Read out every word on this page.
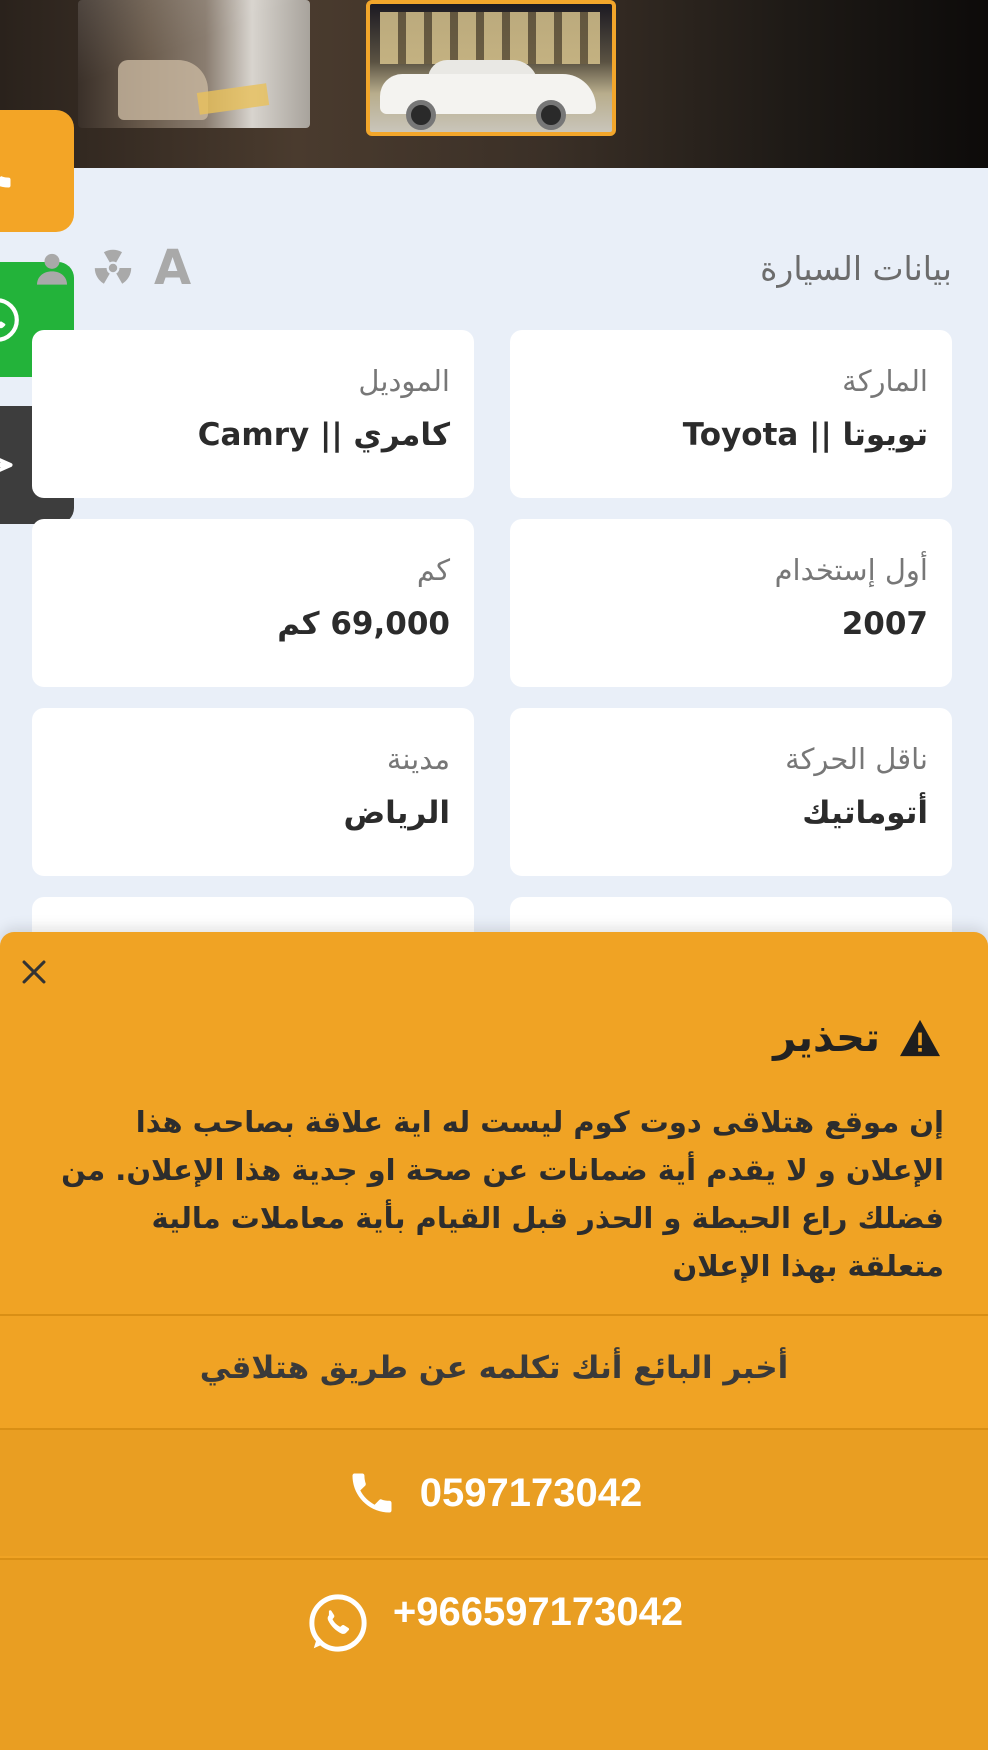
بيانات السيارة
A
الماركة
تويوتا || Toyota
الموديل
كامري || Camry
أول إستخدام
2007
كم
69,000 كم
ناقل الحركة
أتوماتيك
مدينة
الرياض
تحذير
إن موقع هتلاقى دوت كوم ليست له اية علاقة بصاحب هذا الإعلان و لا يقدم أية ضمانات عن صحة او جدية هذا الإعلان. من فضلك راع الحيطة و الحذر قبل القيام بأية معاملات مالية متعلقة بهذا الإعلان
أخبر البائع أنك تكلمه عن طريق هتلاقي
0597173042
+966597173042
